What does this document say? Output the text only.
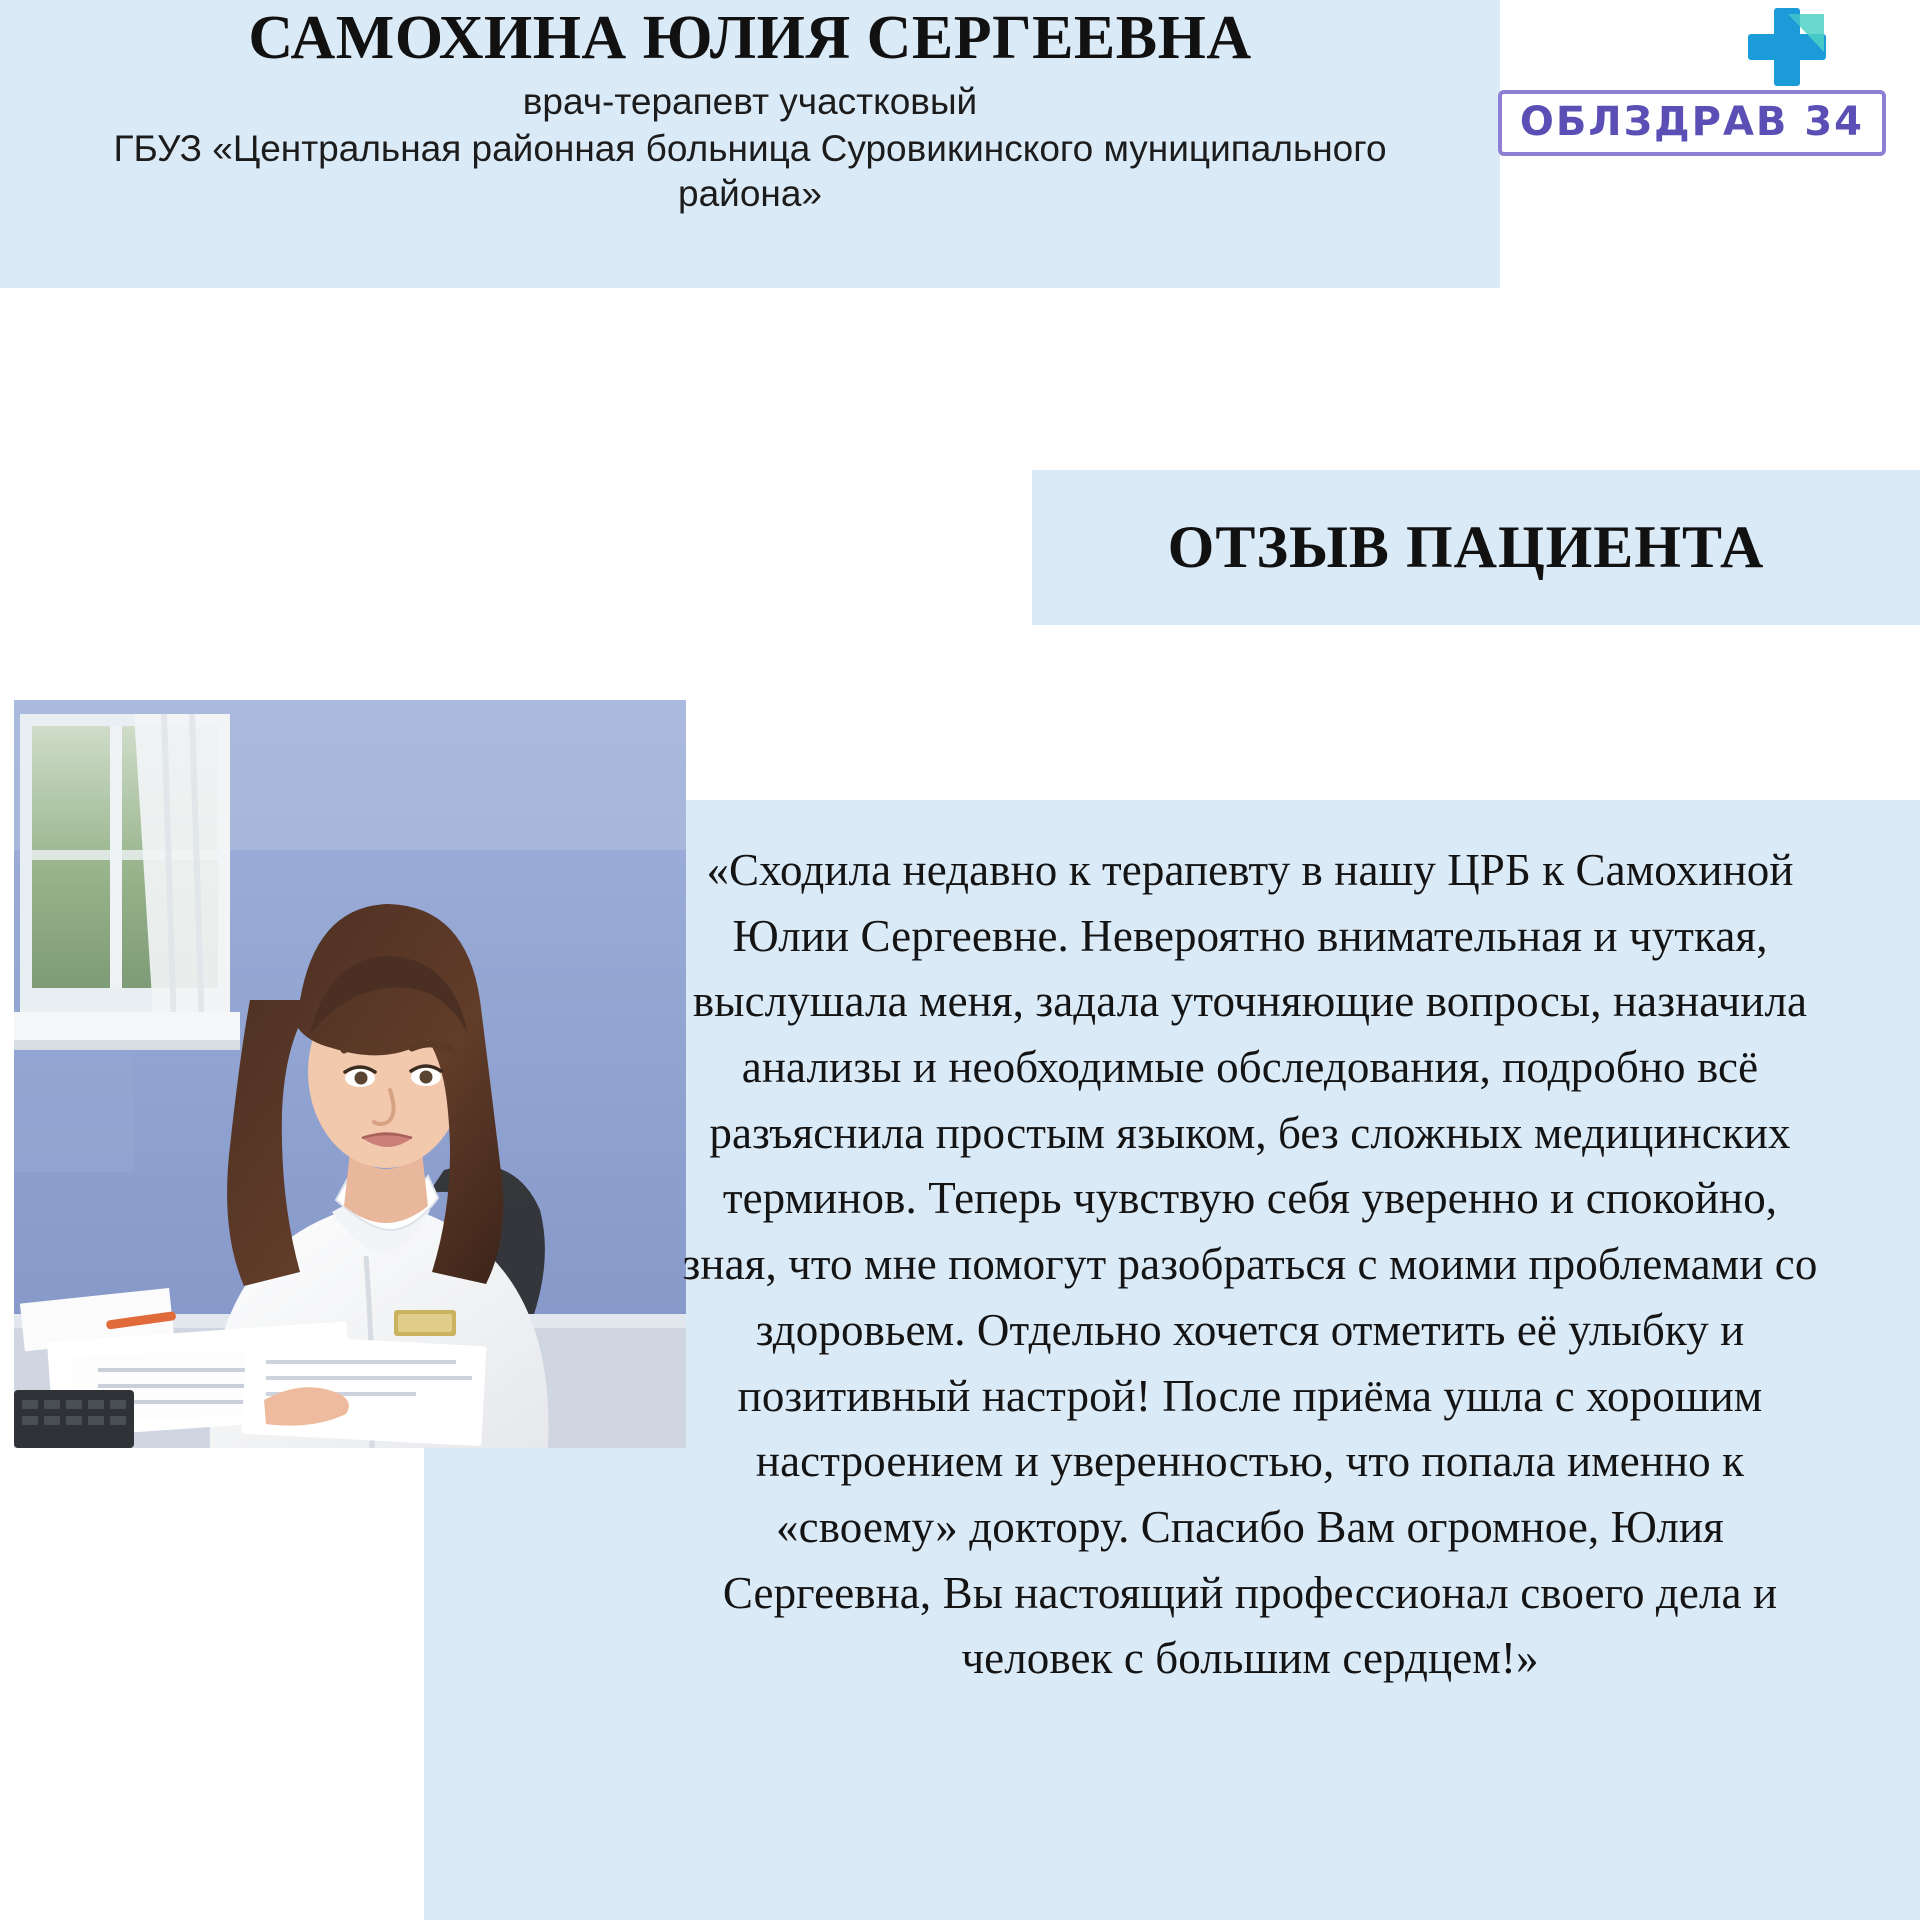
САМОХИНА ЮЛИЯ СЕРГЕЕВНА

врач-терапевт участковый

ГБУЗ «Центральная районная больница Суровикинского муниципального района»

ОБЛЗДРАВ 34
ОТЗЫВ ПАЦИЕНТА

«Сходила недавно к терапевту в нашу ЦРБ к Самохиной Юлии Сергеевне. Невероятно внимательная и чуткая, выслушала меня, задала уточняющие вопросы, назначила анализы и необходимые обследования, подробно всё разъяснила простым языком, без сложных медицинских терминов. Теперь чувствую себя уверенно и спокойно, зная, что мне помогут разобраться с моими проблемами со здоровьем. Отдельно хочется отметить её улыбку и позитивный настрой! После приёма ушла с хорошим настроением и уверенностью, что попала именно к «своему» доктору. Спасибо Вам огромное, Юлия Сергеевна, Вы настоящий профессионал своего дела и человек с большим сердцем!»
